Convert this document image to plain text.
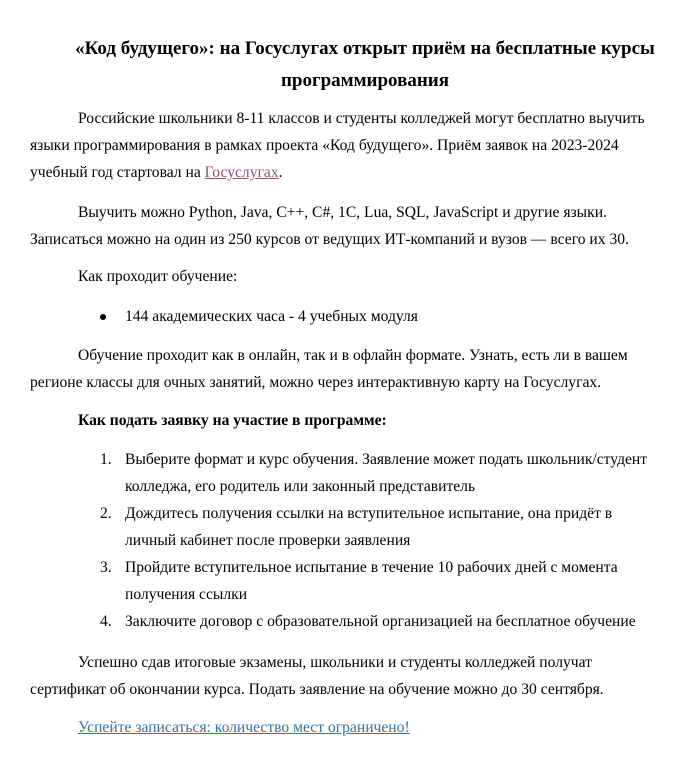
«Код будущего»: на Госуслугах открыт приём на бесплатные курсы программирования

Российские школьники 8-11 классов и студенты колледжей могут бесплатно выучить языки программирования в рамках проекта «Код будущего». Приём заявок на 2023-2024 учебный год стартовал на Госуслугах.

Выучить можно Python, Java, C++, C#, 1C, Lua, SQL, JavaScript и другие языки. Записаться можно на один из 250 курсов от ведущих ИТ-компаний и вузов — всего их 30.

Как проходит обучение:

144 академических часа - 4 учебных модуля

Обучение проходит как в онлайн, так и в офлайн формате. Узнать, есть ли в вашем регионе классы для очных занятий, можно через интерактивную карту на Госуслугах.

Как подать заявку на участие в программе:

1. Выберите формат и курс обучения. Заявление может подать школьник/студент колледжа, его родитель или законный представитель
2. Дождитесь получения ссылки на вступительное испытание, она придёт в личный кабинет после проверки заявления
3. Пройдите вступительное испытание в течение 10 рабочих дней с момента получения ссылки
4. Заключите договор с образовательной организацией на бесплатное обучение

Успешно сдав итоговые экзамены, школьники и студенты колледжей получат сертификат об окончании курса. Подать заявление на обучение можно до 30 сентября.

Успейте записаться: количество мест ограничено!
